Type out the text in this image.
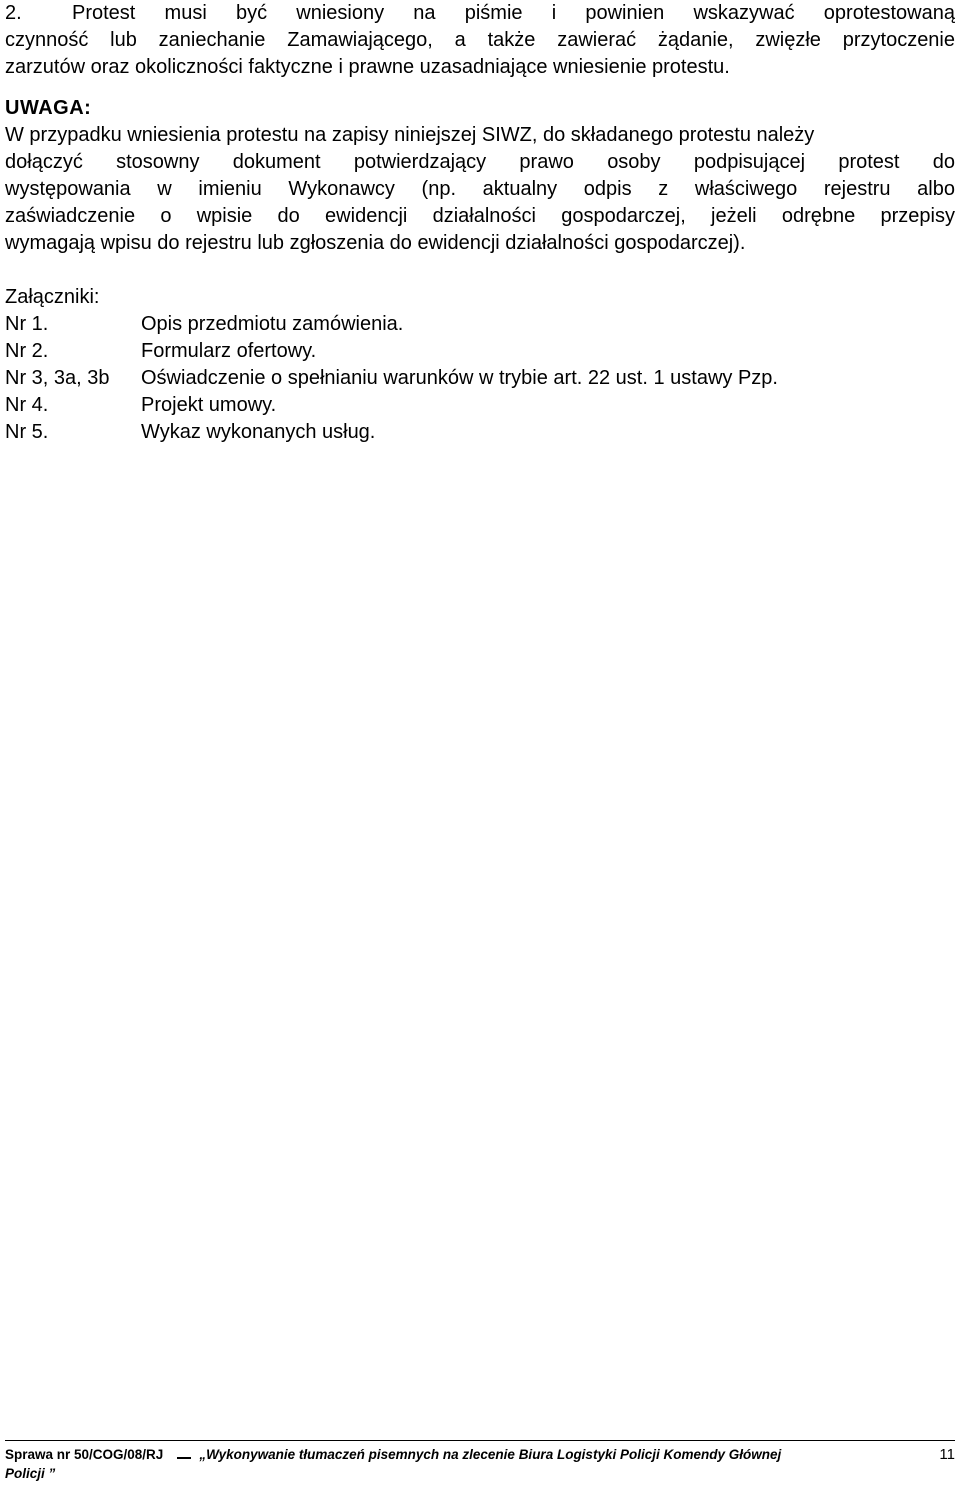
2.	Protest musi być wniesiony na piśmie i powinien wskazywać oprotestowaną
czynność lub zaniechanie Zamawiającego, a także zawierać żądanie, zwięzłe przytoczenie
zarzutów oraz okoliczności faktyczne i prawne uzasadniające wniesienie protestu.
UWAGA:
W przypadku wniesienia protestu na zapisy niniejszej SIWZ, do składanego protestu należy
dołączyć stosowny dokument potwierdzający prawo osoby podpisującej protest do
występowania w imieniu Wykonawcy (np. aktualny odpis z właściwego rejestru albo
zaświadczenie o wpisie do ewidencji działalności gospodarczej, jeżeli odrębne przepisy
wymagają wpisu do rejestru lub zgłoszenia do ewidencji działalności gospodarczej).
Załączniki:
Nr 1.	Opis przedmiotu zamówienia.
Nr 2.	Formularz ofertowy.
Nr 3, 3a, 3b	Oświadczenie o spełnianiu warunków w trybie art. 22 ust. 1 ustawy Pzp.
Nr 4.	Projekt umowy.
Nr 5.	Wykaz wykonanych usług.
Sprawa nr 50/COG/08/RJ	„Wykonywanie tłumaczeń pisemnych na zlecenie Biura Logistyki Policji Komendy Głównej	11
Policji ”
